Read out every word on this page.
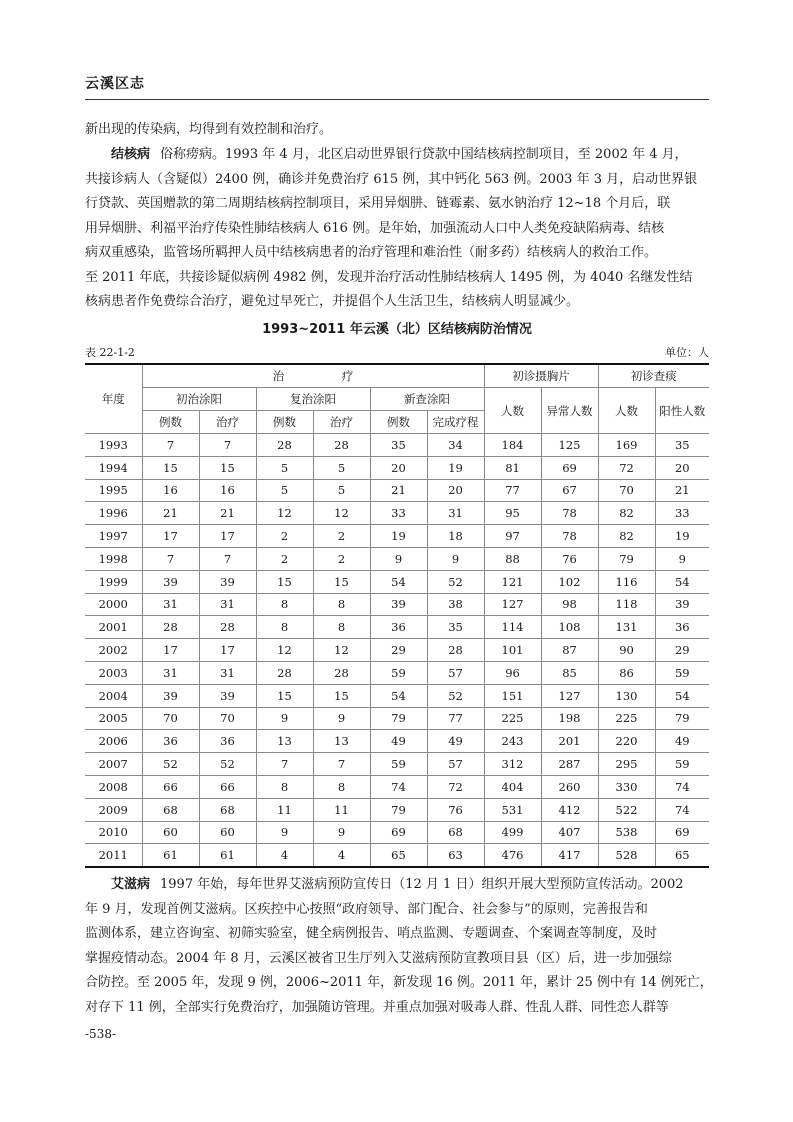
云溪区志
新出现的传染病，均得到有效控制和治疗。
结核病 俗称痨病。1993 年 4 月，北区启动世界银行贷款中国结核病控制项目，至 2002 年 4 月，
共接诊病人（含疑似）2400 例，确诊并免费治疗 615 例，其中钙化 563 例。2003 年 3 月，启动世界银
行贷款、英国赠款的第二周期结核病控制项目，采用异烟肼、链霉素、氨水钠治疗 12~18 个月后，联
用异烟肼、利福平治疗传染性肺结核病人 616 例。是年始，加强流动人口中人类免疫缺陷病毒、结核
病双重感染，监管场所羁押人员中结核病患者的治疗管理和难治性（耐多药）结核病人的救治工作。
至 2011 年底，共接诊疑似病例 4982 例，发现并治疗活动性肺结核病人 1495 例，为 4040 名继发性结
核病患者作免费综合治疗，避免过早死亡，并提倡个人生活卫生，结核病人明显减少。
1993~2011 年云溪（北）区结核病防治情况
表 22-1-2	单位：人
年度	治　　　　　疗						初诊摄胸片		初诊查痰	
	初治涂阳		复治涂阳		新查涂阳		人数	异常人数	人数	阳性人数
	例数	治疗	例数	治疗	例数	完成疗程				
1993	7	7	28	28	35	34	184	125	169	35
1994	15	15	5	5	20	19	81	69	72	20
1995	16	16	5	5	21	20	77	67	70	21
1996	21	21	12	12	33	31	95	78	82	33
1997	17	17	2	2	19	18	97	78	82	19
1998	7	7	2	2	9	9	88	76	79	9
1999	39	39	15	15	54	52	121	102	116	54
2000	31	31	8	8	39	38	127	98	118	39
2001	28	28	8	8	36	35	114	108	131	36
2002	17	17	12	12	29	28	101	87	90	29
2003	31	31	28	28	59	57	96	85	86	59
2004	39	39	15	15	54	52	151	127	130	54
2005	70	70	9	9	79	77	225	198	225	79
2006	36	36	13	13	49	49	243	201	220	49
2007	52	52	7	7	59	57	312	287	295	59
2008	66	66	8	8	74	72	404	260	330	74
2009	68	68	11	11	79	76	531	412	522	74
2010	60	60	9	9	69	68	499	407	538	69
2011	61	61	4	4	65	63	476	417	528	65
艾滋病 1997 年始，每年世界艾滋病预防宣传日（12 月 1 日）组织开展大型预防宣传活动。2002
年 9 月，发现首例艾滋病。区疾控中心按照“政府领导、部门配合、社会参与”的原则，完善报告和
监测体系，建立咨询室、初筛实验室，健全病例报告、哨点监测、专题调查、个案调查等制度，及时
掌握疫情动态。2004 年 8 月，云溪区被省卫生厅列入艾滋病预防宣教项目县（区）后，进一步加强综
合防控。至 2005 年，发现 9 例，2006~2011 年，新发现 16 例。2011 年，累计 25 例中有 14 例死亡，
对存下 11 例，全部实行免费治疗，加强随访管理。并重点加强对吸毒人群、性乱人群、同性恋人群等
-538-
